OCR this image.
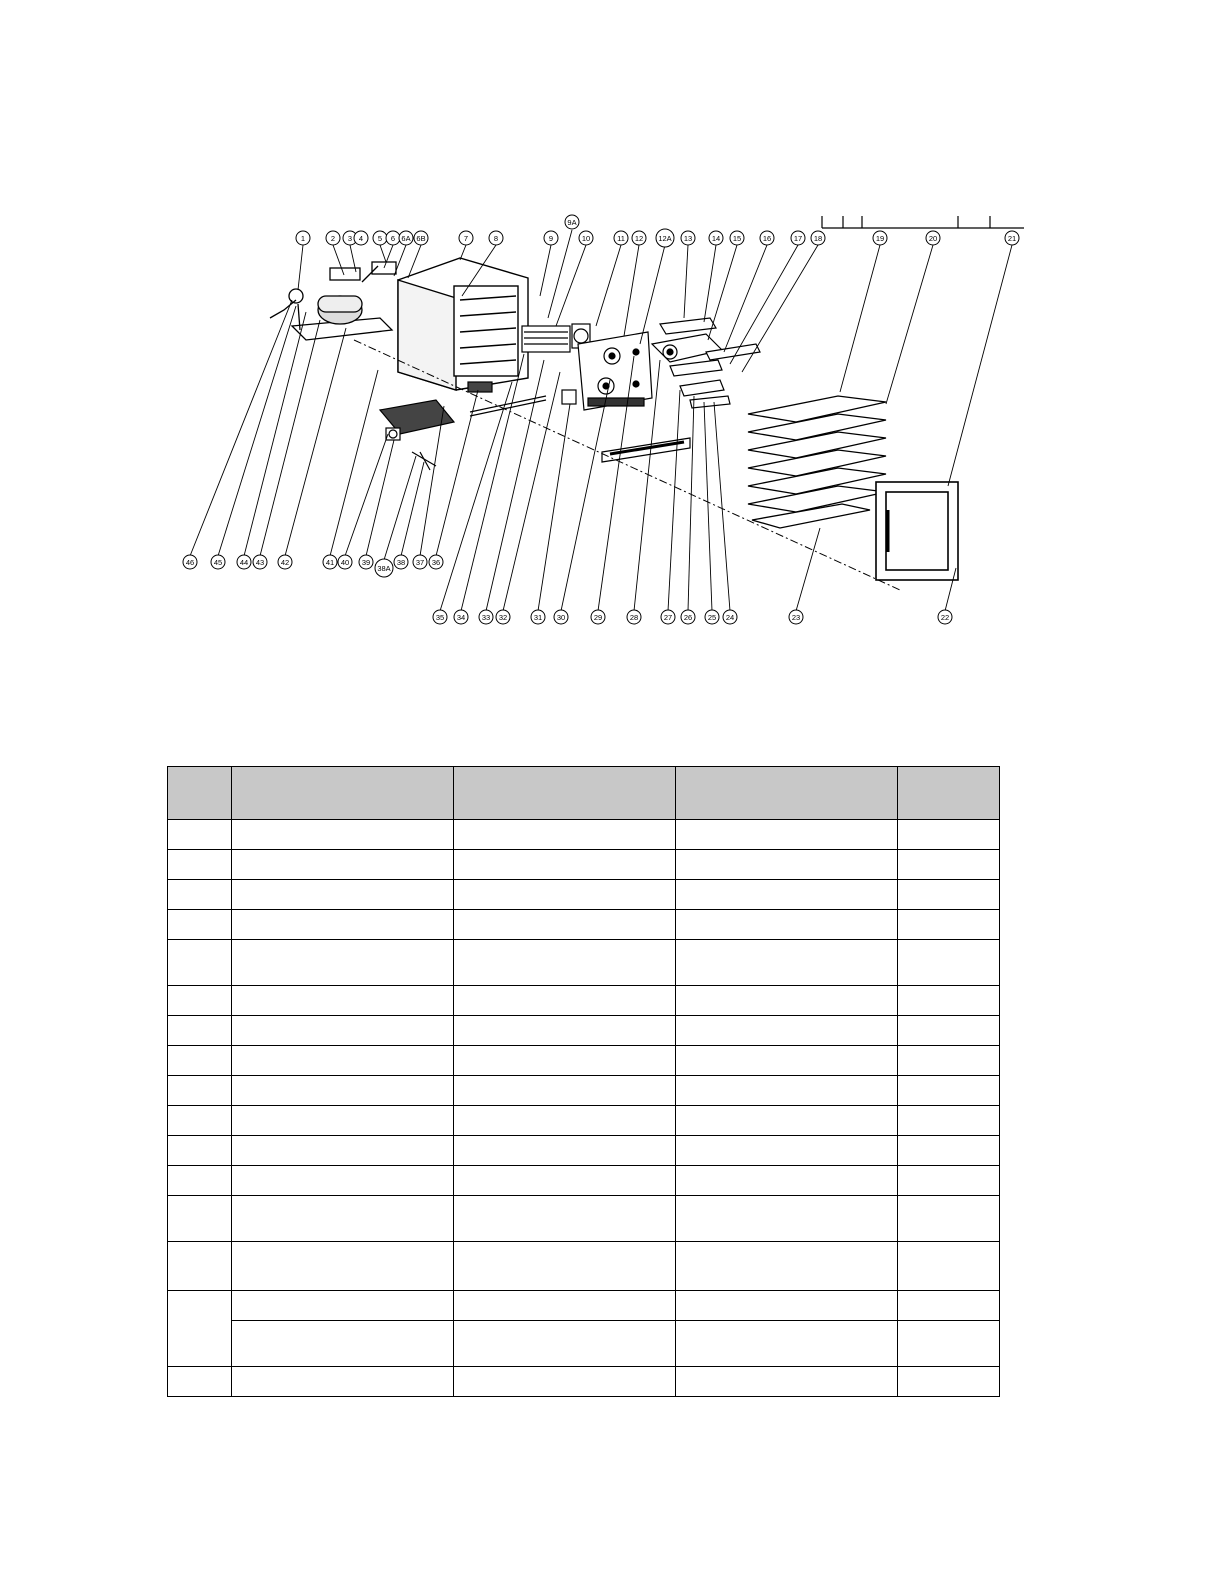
1	2 3 4 5 6 6A 6B	7	8	9
9A
10	11 12 12A 13	14 15	16	17 18	19	20	21
46	45 44 43 42	41 40 39
38A
38 37 36
35 34 33 32	31 30	29	28	27 26 25 24	23	22
